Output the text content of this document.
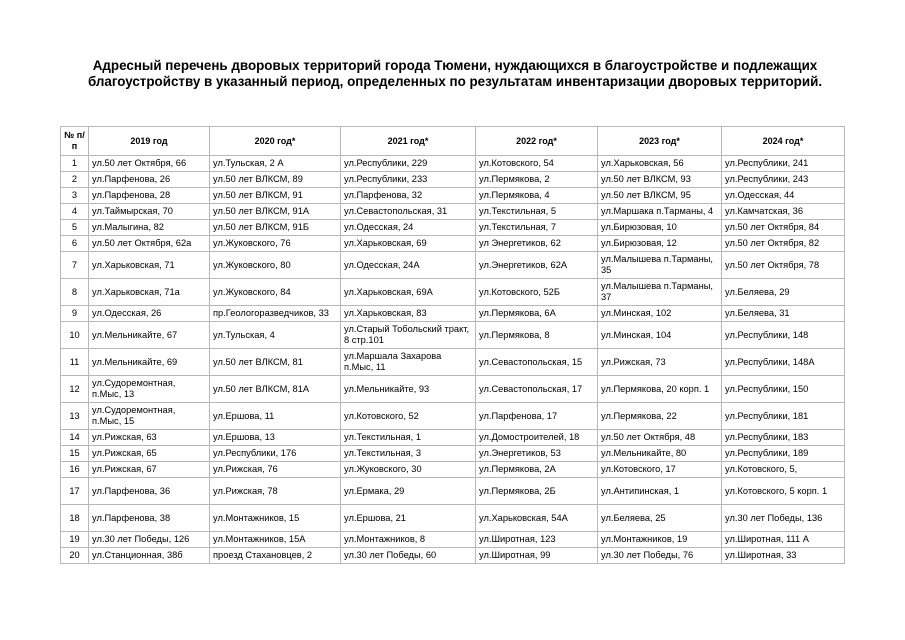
Адресный перечень дворовых территорий города Тюмени, нуждающихся в благоустройстве и подлежащих благоустройству в указанный период, определенных по результатам инвентаризации дворовых территорий.
№ п/п	2019 год	2020 год*	2021 год*	2022 год*	2023 год*	2024 год*
1	ул.50 лет Октября, 66	ул.Тульская, 2 А	ул.Республики, 229	ул.Котовского, 54	ул.Харьковская, 56	ул.Республики, 241
2	ул.Парфенова, 26	ул.50 лет ВЛКСМ, 89	ул.Республики, 233	ул.Пермякова, 2	ул.50 лет ВЛКСМ, 93	ул.Республики, 243
3	ул.Парфенова, 28	ул.50 лет ВЛКСМ, 91	ул.Парфенова, 32	ул.Пермякова, 4	ул.50 лет ВЛКСМ, 95	ул.Одесская, 44
4	ул.Таймырская, 70	ул.50 лет ВЛКСМ, 91А	ул.Севастопольская, 31	ул.Текстильная, 5	ул.Маршака п.Тарманы, 4	ул.Камчатская, 36
5	ул.Малыгина, 82	ул.50 лет ВЛКСМ, 91Б	ул.Одесская, 24	ул.Текстильная, 7	ул.Бирюзовая, 10	ул.50 лет Октября, 84
6	ул.50 лет Октября, 62а	ул.Жуковского, 76	ул.Харьковская, 69	ул Энергетиков, 62	ул.Бирюзовая, 12	ул.50 лет Октября, 82
7	ул.Харьковская, 71	ул.Жуковского, 80	ул.Одесская, 24А	ул.Энергетиков, 62А	ул.Малышева п.Тарманы, 35	ул.50 лет Октября, 78
8	ул.Харьковская, 71а	ул.Жуковского, 84	ул.Харьковская, 69А	ул.Котовского, 52Б	ул.Малышева п.Тарманы, 37	ул.Беляева, 29
9	ул.Одесская, 26	пр.Геологоразведчиков, 33	ул.Харьковская, 83	ул.Пермякова, 6А	ул.Минская, 102	ул.Беляева, 31
10	ул.Мельникайте, 67	ул.Тульская, 4	ул.Старый Тобольский тракт, 8 стр.101	ул.Пермякова, 8	ул.Минская, 104	ул.Республики, 148
11	ул.Мельникайте, 69	ул.50 лет ВЛКСМ, 81	ул.Маршала Захарова п.Мыс, 11	ул.Севастопольская, 15	ул.Рижская, 73	ул.Республики, 148А
12	ул.Судоремонтная, п.Мыс, 13	ул.50 лет ВЛКСМ, 81А	ул.Мельникайте, 93	ул.Севастопольская, 17	ул.Пермякова, 20 корп. 1	ул.Республики, 150
13	ул.Судоремонтная, п.Мыс, 15	ул.Ершова, 11	ул.Котовского, 52	ул.Парфенова, 17	ул.Пермякова, 22	ул.Республики, 181
14	ул.Рижская, 63	ул.Ершова, 13	ул.Текстильная, 1	ул.Домостроителей, 18	ул.50 лет Октября, 48	ул.Республики, 183
15	ул.Рижская, 65	ул.Республики, 176	ул.Текстильная, 3	ул.Энергетиков, 53	ул.Мельникайте, 80	ул.Республики, 189
16	ул.Рижская, 67	ул.Рижская, 76	ул.Жуковского, 30	ул.Пермякова, 2А	ул.Котовского, 17	ул.Котовского, 5,
17	ул.Парфенова, 36	ул.Рижская, 78	ул.Ермака, 29	ул.Пермякова, 2Б	ул.Антипинская, 1	ул.Котовского, 5 корп. 1
18	ул.Парфенова, 38	ул.Монтажников, 15	ул.Ершова, 21	ул.Харьковская, 54А	ул.Беляева, 25	ул.30 лет Победы, 136
19	ул.30 лет Победы, 126	ул.Монтажников, 15А	ул.Монтажников, 8	ул.Широтная, 123	ул.Монтажников, 19	ул.Широтная, 111 А
20	ул.Станционная, 38б	проезд Стахановцев, 2	ул.30 лет Победы, 60	ул.Широтная, 99	ул.30 лет Победы, 76	ул.Широтная, 33
